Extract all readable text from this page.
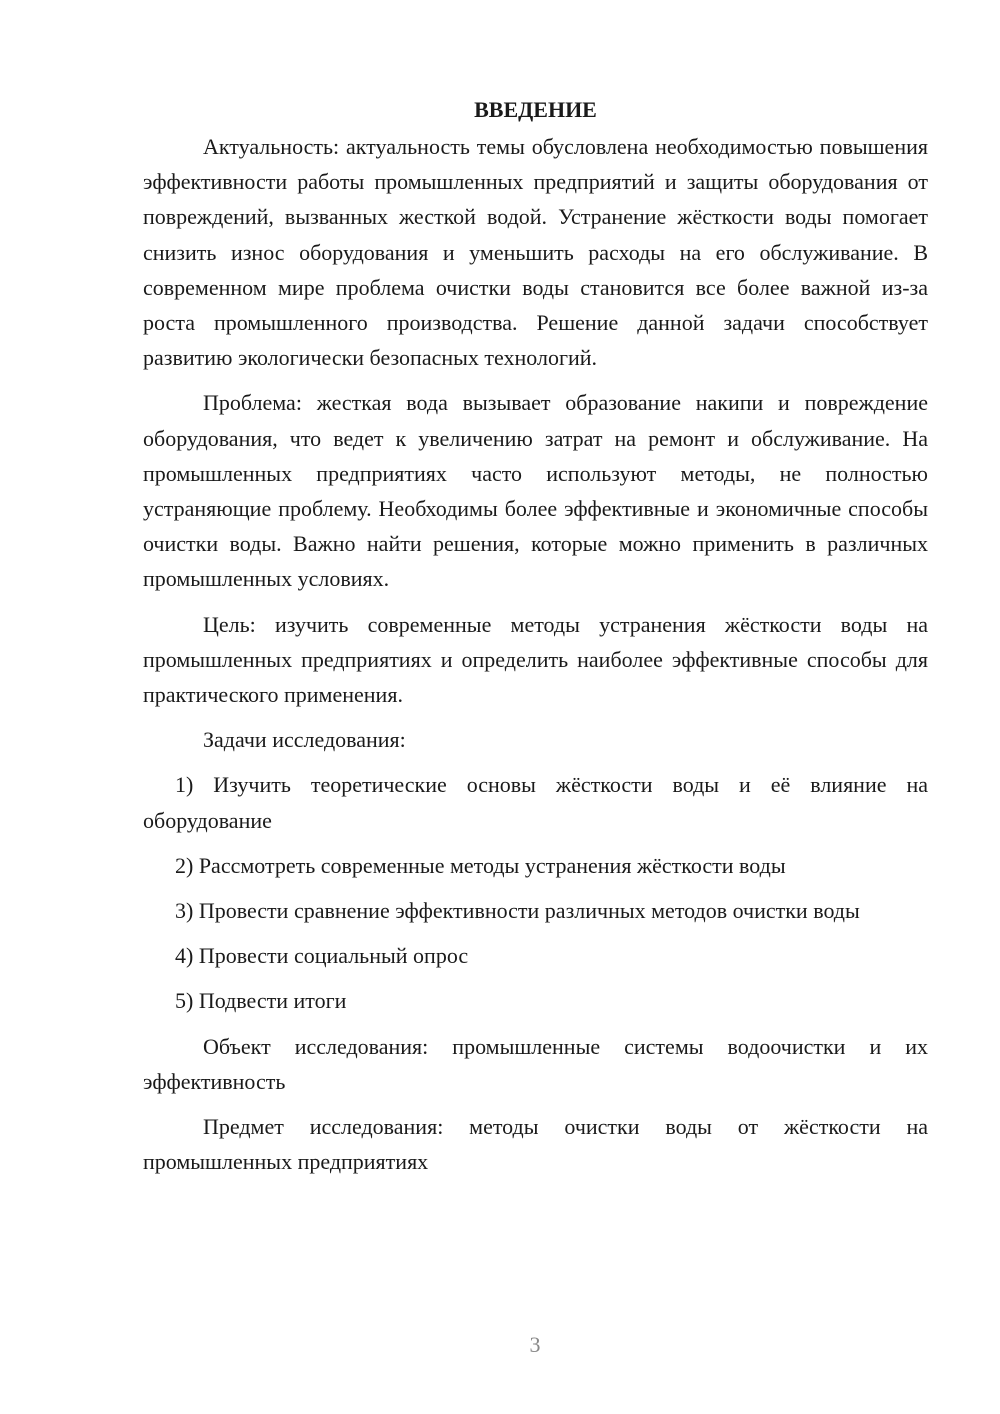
ВВЕДЕНИЕ

Актуальность: актуальность темы обусловлена необходимостью повышения эффективности работы промышленных предприятий и защиты оборудования от повреждений, вызванных жесткой водой. Устранение жёсткости воды помогает снизить износ оборудования и уменьшить расходы на его обслуживание. В современном мире проблема очистки воды становится все более важной из-за роста промышленного производства. Решение данной задачи способствует развитию экологически безопасных технологий.

Проблема: жесткая вода вызывает образование накипи и повреждение оборудования, что ведет к увеличению затрат на ремонт и обслуживание. На промышленных предприятиях часто используют методы, не полностью устраняющие проблему. Необходимы более эффективные и экономичные способы очистки воды. Важно найти решения, которые можно применить в различных промышленных условиях.

Цель: изучить современные методы устранения жёсткости воды на промышленных предприятиях и определить наиболее эффективные способы для практического применения.

Задачи исследования:

1) Изучить теоретические основы жёсткости воды и её влияние на оборудование

2) Рассмотреть современные методы устранения жёсткости воды

3) Провести сравнение эффективности различных методов очистки воды

4) Провести социальный опрос

5) Подвести итоги

Объект исследования: промышленные системы водоочистки и их эффективность

Предмет исследования: методы очистки воды от жёсткости на промышленных предприятиях

3
